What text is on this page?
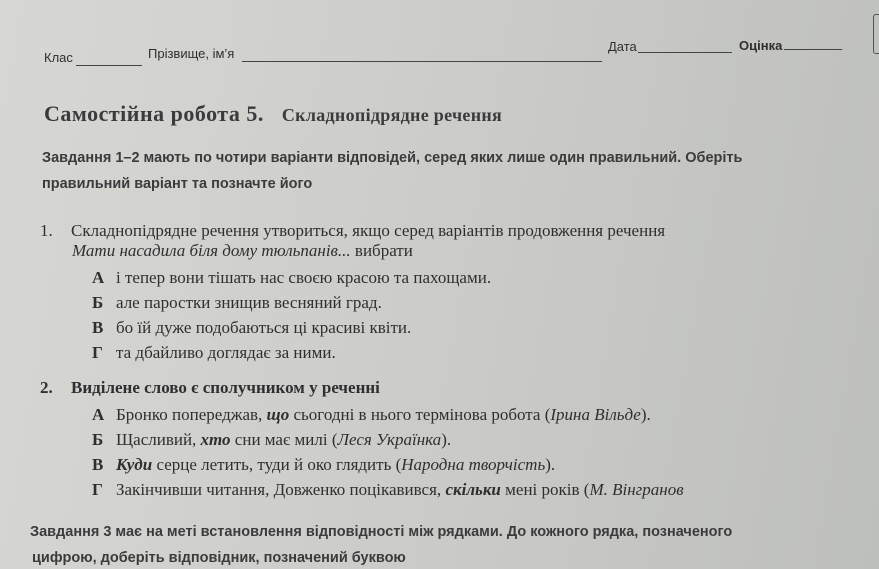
Клас	Прізвище, ім’я	Дата	Оцінка
Самостійна робота 5. Складнопідрядне речення
Завдання 1–2 мають по чотири варіанти відповідей, серед яких лише один правильний. Оберіть
правильний варіант та позначте його
1. Складнопідрядне речення утвориться, якщо серед варіантів продовження речення
Мати насадила біля дому тюльпанів... вибрати
А і тепер вони тішать нас своєю красою та пахощами.
Б але паростки знищив весняний град.
В бо їй дуже подобаються ці красиві квіти.
Г та дбайливо доглядає за ними.
2. Виділене слово є сполучником у реченні
А Бронко попереджав, що сьогодні в нього термінова робота (Ірина Вільде).
Б Щасливий, хто сни має милі (Леся Українка).
В Куди серце летить, туди й око глядить (Народна творчість).
Г Закінчивши читання, Довженко поцікавився, скільки мені років (М. Вінгранов
Завдання 3 має на меті встановлення відповідності між рядками. До кожного рядка, позначеного
цифрою, доберіть відповідник, позначений буквою
